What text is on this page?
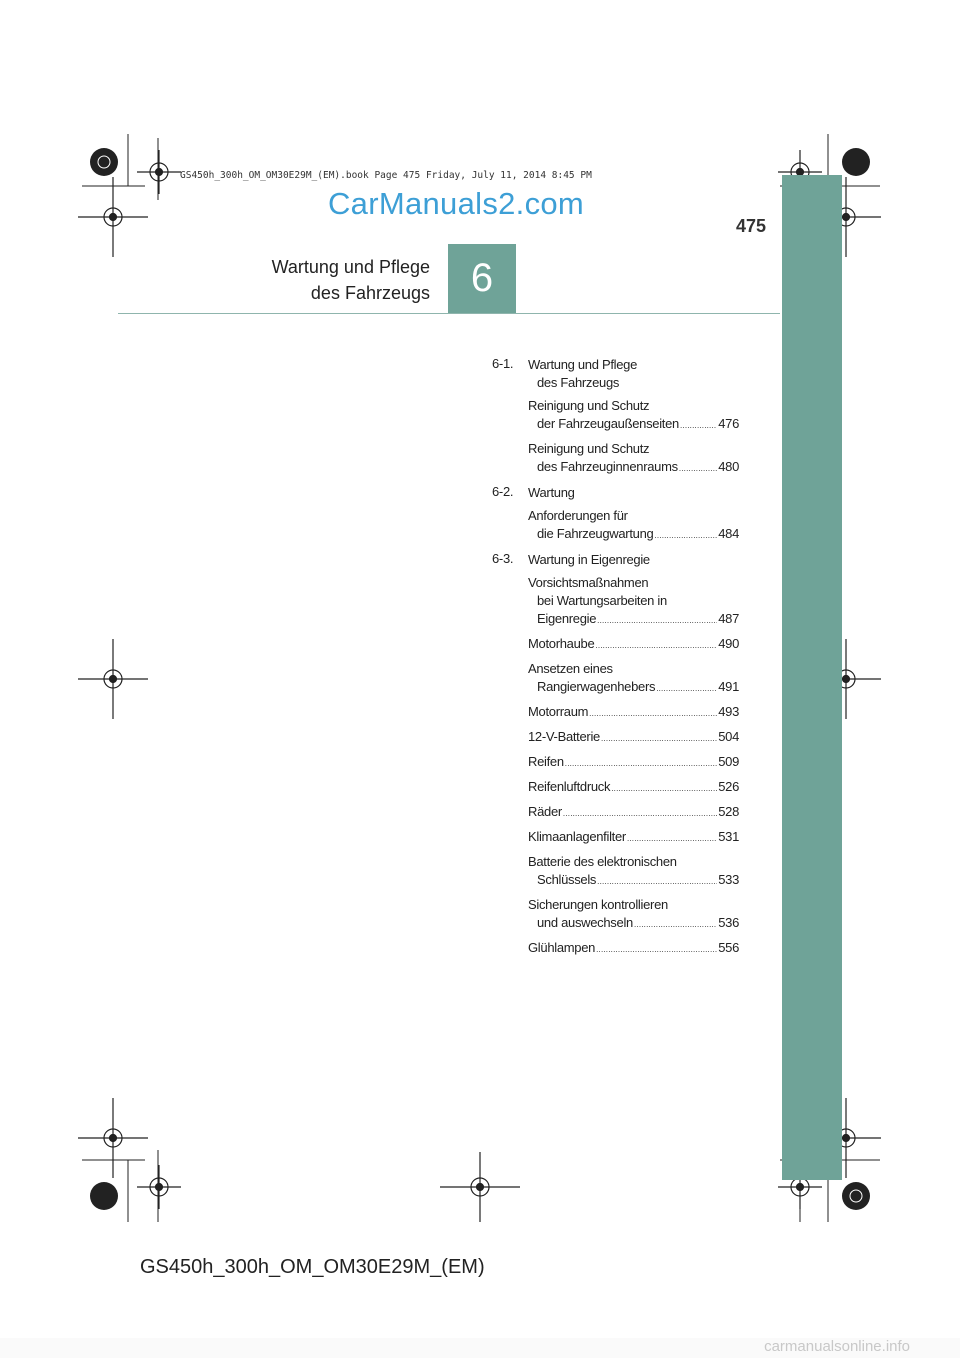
GS450h_300h_OM_OM30E29M_(EM).book Page 475 Friday, July 11, 2014 8:45 PM
CarManuals2.com
475
Wartung und Pflege
des Fahrzeugs 6
6-1. Wartung und Pflege
des Fahrzeugs
Reinigung und Schutz
der Fahrzeugaußenseiten .....	476
Reinigung und Schutz
des Fahrzeuginnenraums .....	480
6-2. Wartung
Anforderungen für
die Fahrzeugwartung .....	484
6-3. Wartung in Eigenregie
Vorsichtsmaßnahmen
bei Wartungsarbeiten in
Eigenregie .....	487
Motorhaube .....	490
Ansetzen eines
Rangierwagenhebers .....	491
Motorraum .....	493
12-V-Batterie .....	504
Reifen .....	509
Reifenluftdruck .....	526
Räder .....	528
Klimaanlagenfilter .....	531
Batterie des elektronischen
Schlüssels .....	533
Sicherungen kontrollieren
und auswechseln .....	536
Glühlampen .....	556
GS450h_300h_OM_OM30E29M_(EM)
carmanualsonline.info
